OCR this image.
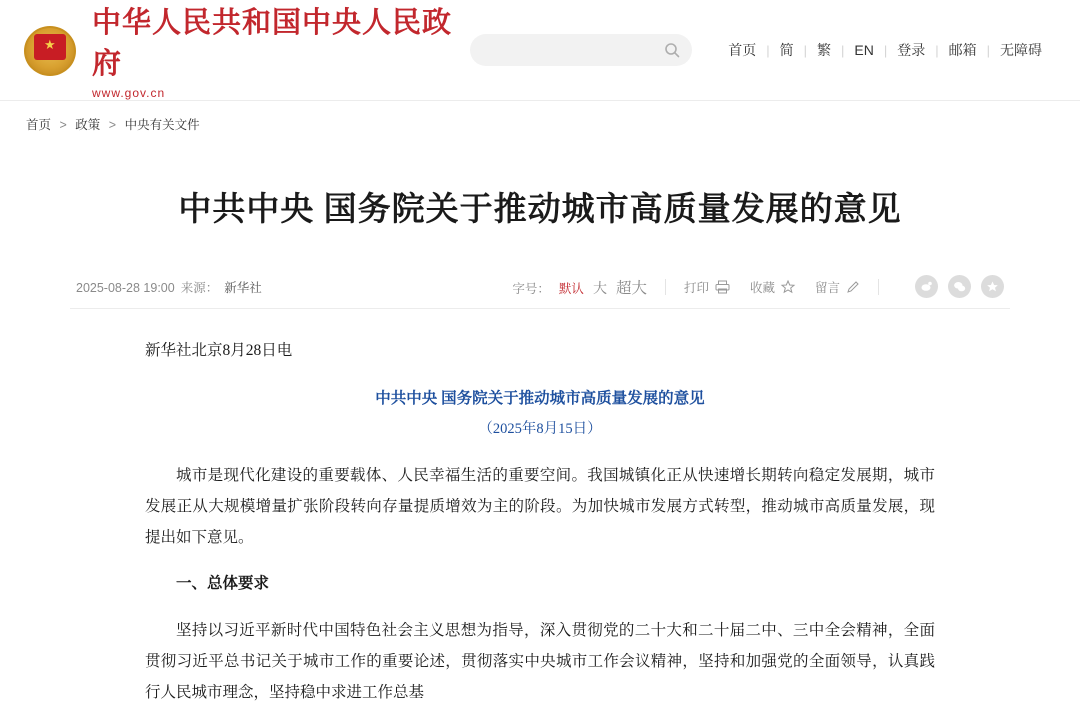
★
中华人民共和国中央人民政府
www.gov.cn
首页 | 简 | 繁 | EN | 登录 | 邮箱 | 无障碍
首页 > 政策 > 中央有关文件
中共中央 国务院关于推动城市高质量发展的意见
2025-08-28 19:00 来源： 新华社	字号： 默认 大 超大	打印	收藏	留言
新华社北京8月28日电
中共中央 国务院关于推动城市高质量发展的意见
（2025年8月15日）

城市是现代化建设的重要载体、人民幸福生活的重要空间。我国城镇化正从快速增长期转向稳定发展期，城市发展正从大规模增量扩张阶段转向存量提质增效为主的阶段。为加快城市发展方式转型，推动城市高质量发展，现提出如下意见。

一、总体要求

坚持以习近平新时代中国特色社会主义思想为指导，深入贯彻党的二十大和二十届二中、三中全会精神，全面贯彻习近平总书记关于城市工作的重要论述，贯彻落实中央城市工作会议精神，坚持和加强党的全面领导，认真践行人民城市理念，坚持稳中求进工作总基
